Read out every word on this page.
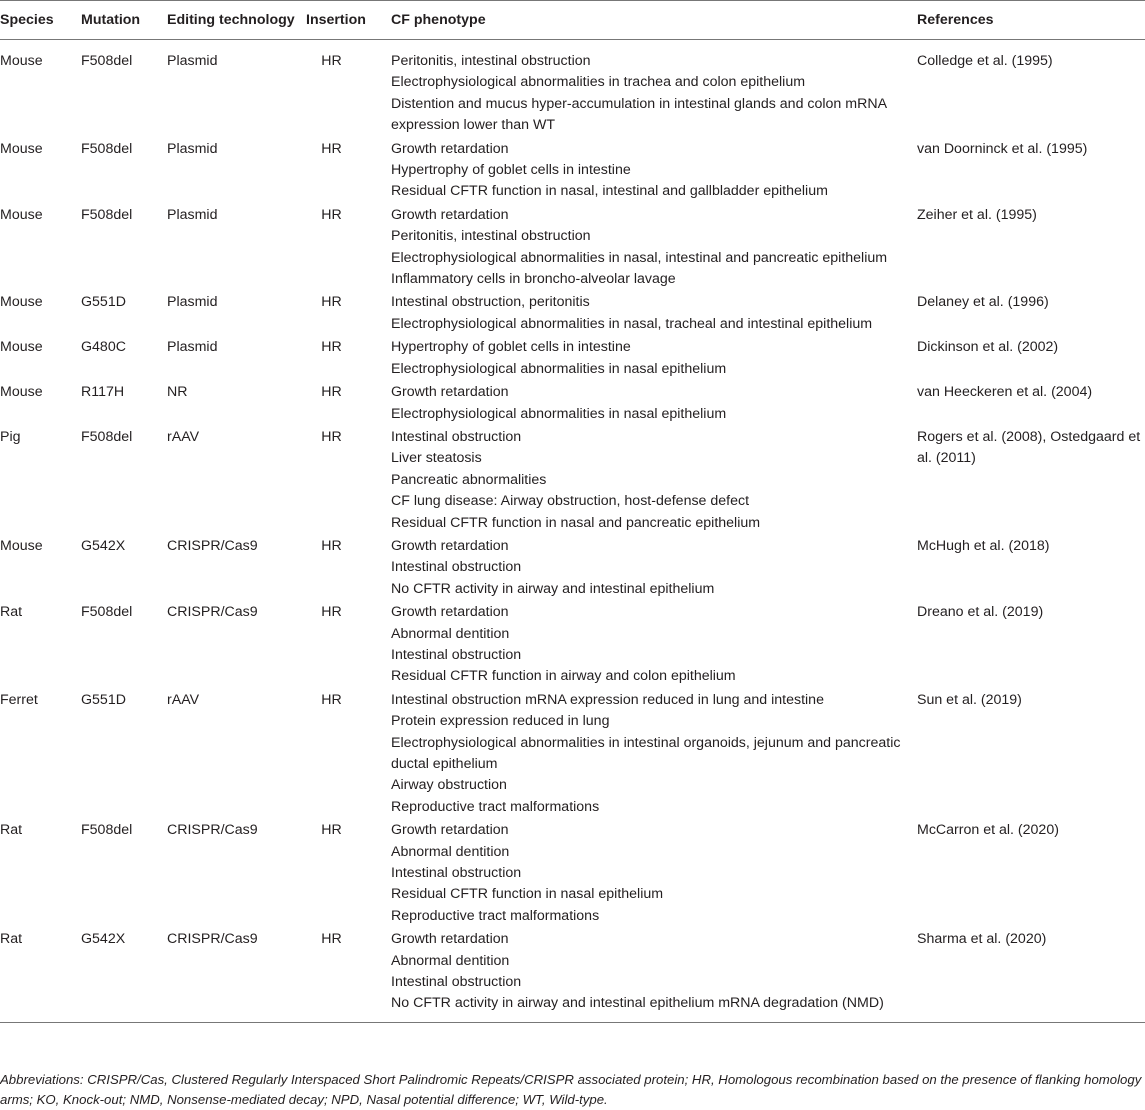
Species	Mutation	Editing technology	Insertion	CF phenotype	References
Mouse	F508del	Plasmid	HR	Peritonitis, intestinal obstruction
Electrophysiological abnormalities in trachea and colon epithelium
Distention and mucus hyper-accumulation in intestinal glands and colon mRNA expression lower than WT	Colledge et al. (1995)
Mouse	F508del	Plasmid	HR	Growth retardation
Hypertrophy of goblet cells in intestine
Residual CFTR function in nasal, intestinal and gallbladder epithelium	van Doorninck et al. (1995)
Mouse	F508del	Plasmid	HR	Growth retardation
Peritonitis, intestinal obstruction
Electrophysiological abnormalities in nasal, intestinal and pancreatic epithelium
Inflammatory cells in broncho-alveolar lavage	Zeiher et al. (1995)
Mouse	G551D	Plasmid	HR	Intestinal obstruction, peritonitis
Electrophysiological abnormalities in nasal, tracheal and intestinal epithelium	Delaney et al. (1996)
Mouse	G480C	Plasmid	HR	Hypertrophy of goblet cells in intestine
Electrophysiological abnormalities in nasal epithelium	Dickinson et al. (2002)
Mouse	R117H	NR	HR	Growth retardation
Electrophysiological abnormalities in nasal epithelium	van Heeckeren et al. (2004)
Pig	F508del	rAAV	HR	Intestinal obstruction
Liver steatosis
Pancreatic abnormalities
CF lung disease: Airway obstruction, host-defense defect
Residual CFTR function in nasal and pancreatic epithelium	Rogers et al. (2008), Ostedgaard et al. (2011)
Mouse	G542X	CRISPR/Cas9	HR	Growth retardation
Intestinal obstruction
No CFTR activity in airway and intestinal epithelium	McHugh et al. (2018)
Rat	F508del	CRISPR/Cas9	HR	Growth retardation
Abnormal dentition
Intestinal obstruction
Residual CFTR function in airway and colon epithelium	Dreano et al. (2019)
Ferret	G551D	rAAV	HR	Intestinal obstruction mRNA expression reduced in lung and intestine
Protein expression reduced in lung
Electrophysiological abnormalities in intestinal organoids, jejunum and pancreatic ductal epithelium
Airway obstruction
Reproductive tract malformations	Sun et al. (2019)
Rat	F508del	CRISPR/Cas9	HR	Growth retardation
Abnormal dentition
Intestinal obstruction
Residual CFTR function in nasal epithelium
Reproductive tract malformations	McCarron et al. (2020)
Rat	G542X	CRISPR/Cas9	HR	Growth retardation
Abnormal dentition
Intestinal obstruction
No CFTR activity in airway and intestinal epithelium mRNA degradation (NMD)	Sharma et al. (2020)
Abbreviations: CRISPR/Cas, Clustered Regularly Interspaced Short Palindromic Repeats/CRISPR associated protein; HR, Homologous recombination based on the presence of flanking homology arms; KO, Knock-out; NMD, Nonsense-mediated decay; NPD, Nasal potential difference; WT, Wild-type.
